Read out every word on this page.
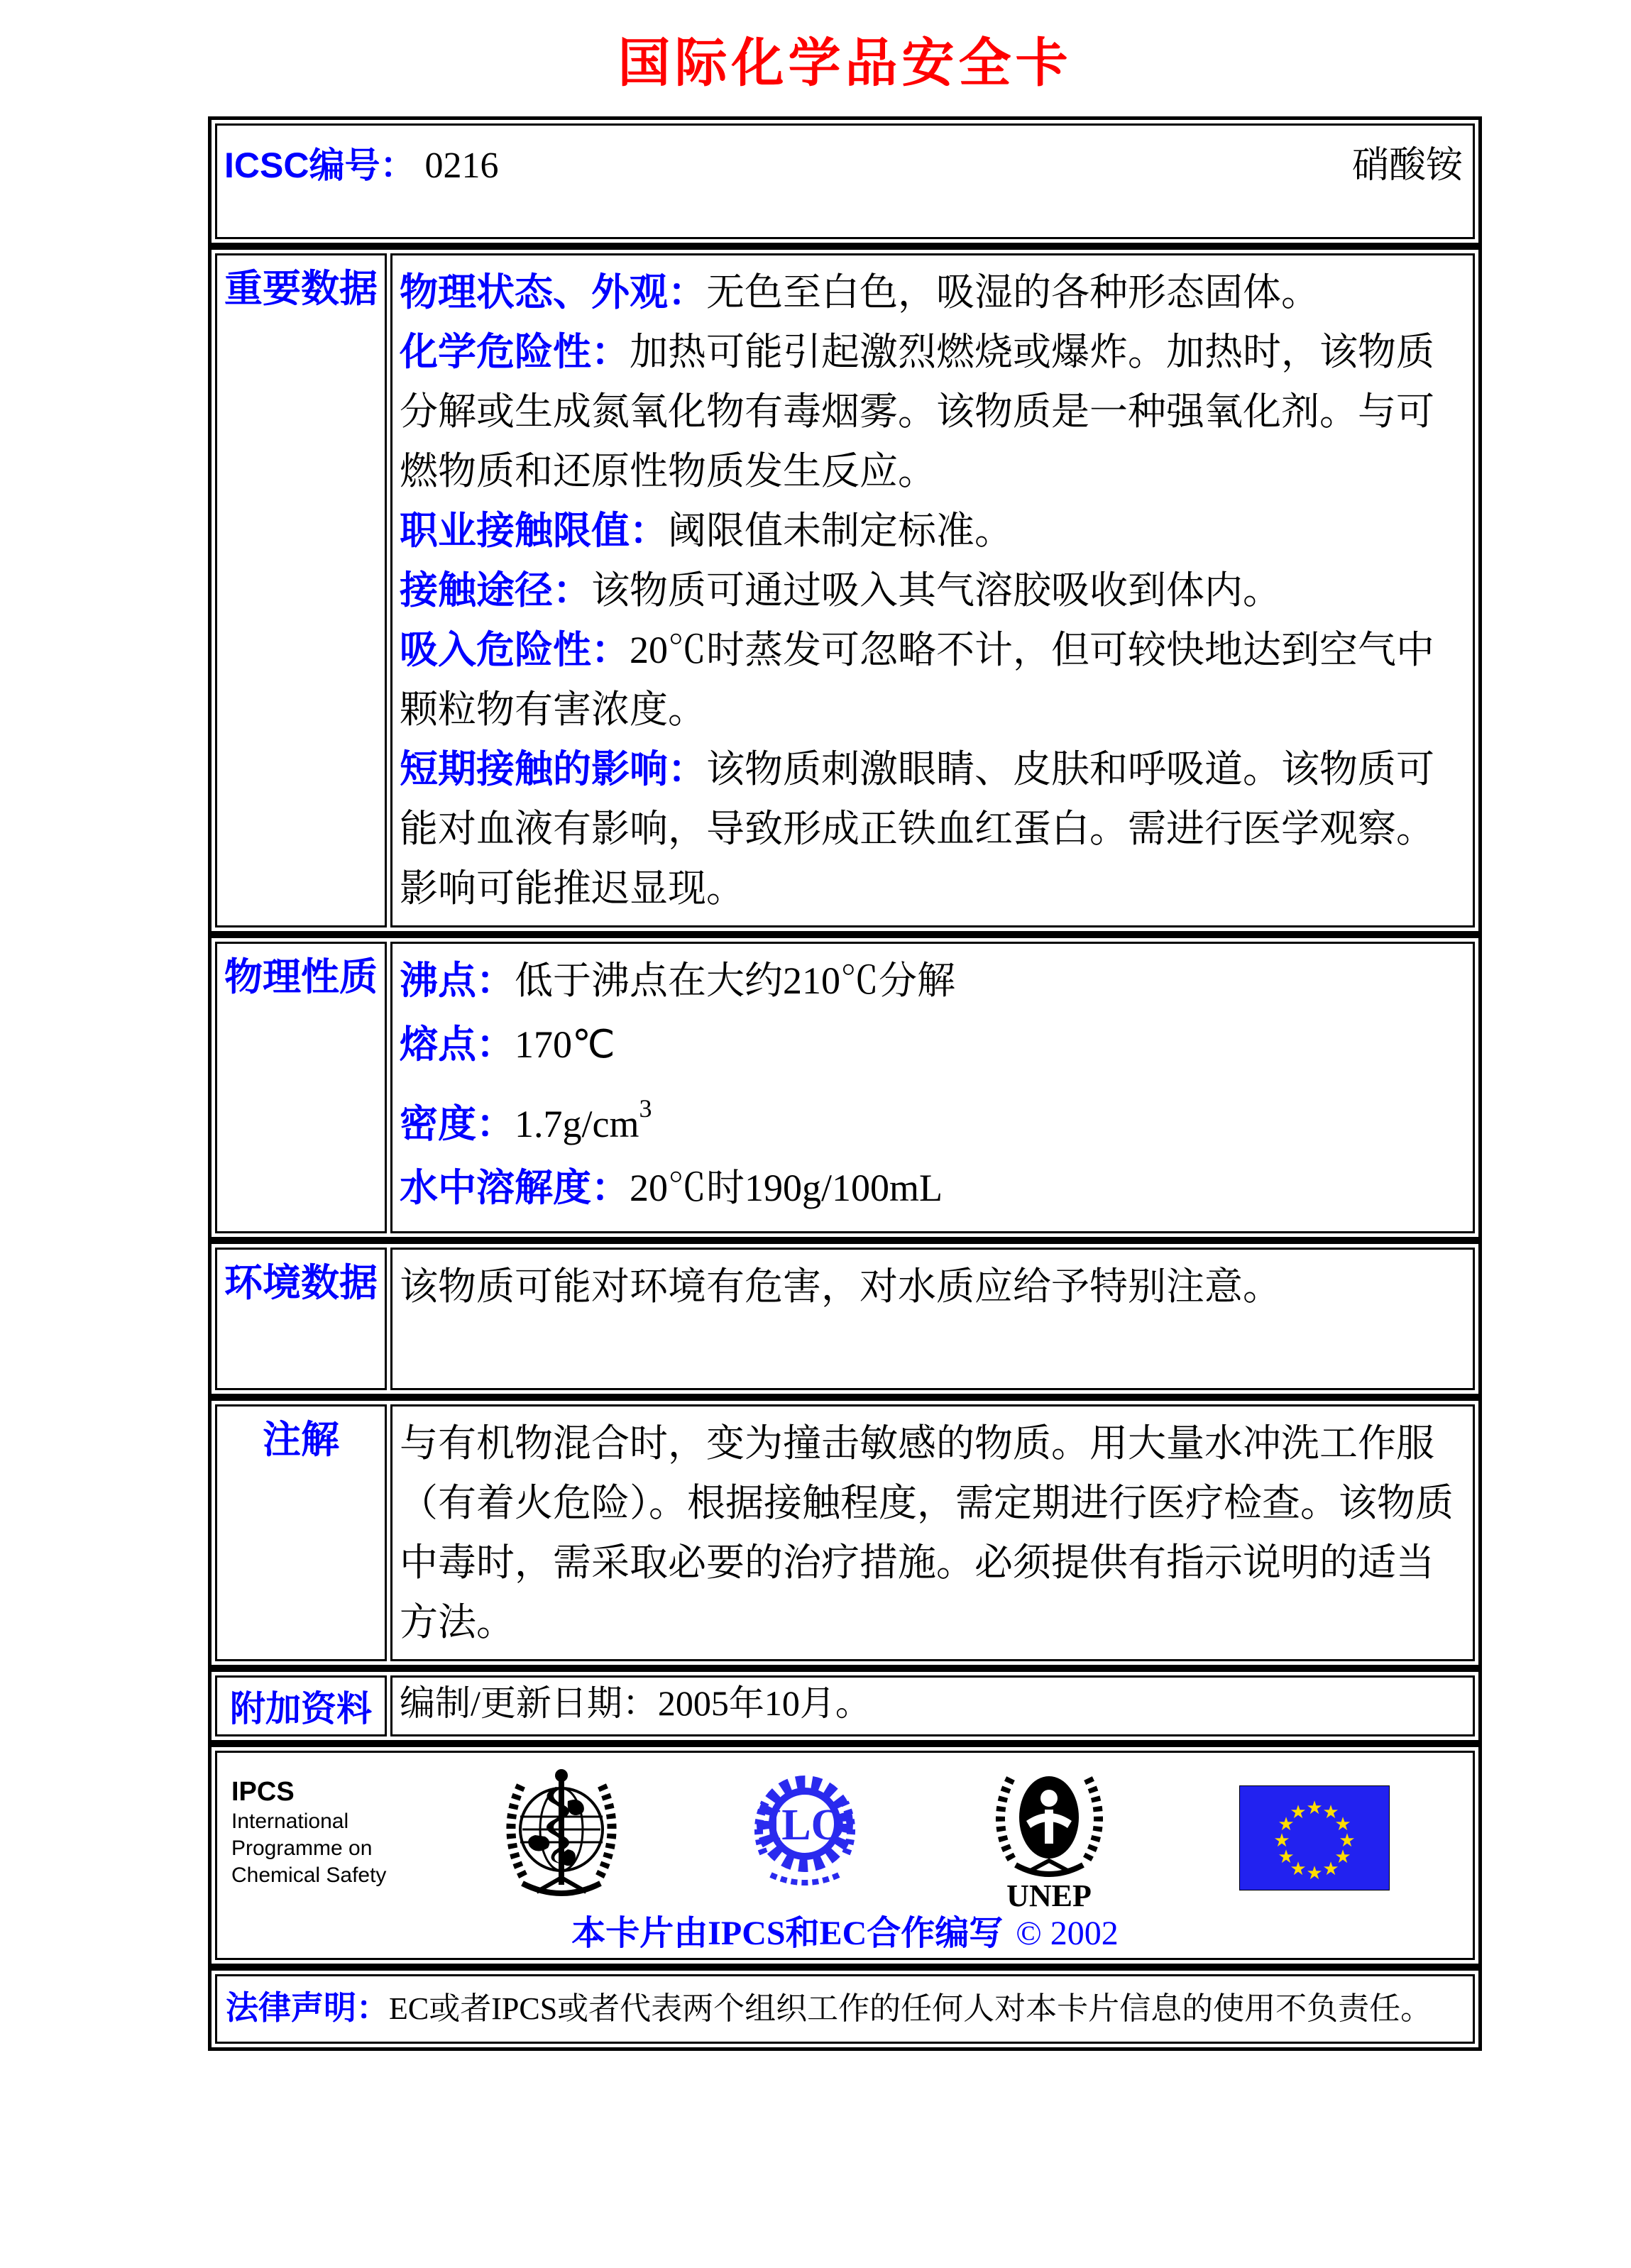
国际化学品安全卡
ICSC编号： 0216	硝酸铵
重要数据	物理状态、外观：无色至白色，吸湿的各种形态固体。
化学危险性：加热可能引起激烈燃烧或爆炸。加热时，该物质分解或生成氮氧化物有毒烟雾。该物质是一种强氧化剂。与可燃物质和还原性物质发生反应。
职业接触限值：阈限值未制定标准。
接触途径：该物质可通过吸入其气溶胶吸收到体内。
吸入危险性：20℃时蒸发可忽略不计，但可较快地达到空气中颗粒物有害浓度。
短期接触的影响：该物质刺激眼睛、皮肤和呼吸道。该物质可能对血液有影响，导致形成正铁血红蛋白。需进行医学观察。影响可能推迟显现。
物理性质	沸点：低于沸点在大约210℃分解
熔点：170℃
密度：$1.7g/cm^3$
水中溶解度：20℃时190g/100mL
环境数据	该物质可能对环境有危害，对水质应给予特别注意。
注解	与有机物混合时，变为撞击敏感的物质。用大量水冲洗工作服（有着火危险）。根据接触程度，需定期进行医疗检查。该物质中毒时，需采取必要的治疗措施。必须提供有指示说明的适当方法。
附加资料	编制/更新日期：2005年10月。
IPCS
International
Programme on
Chemical Safety
ILO
UNEP
★ ★
★
★
★
★
★
★
★
★
★
★
本卡片由IPCS和EC合作编写 © 2002
法律声明：EC或者IPCS或者代表两个组织工作的任何人对本卡片信息的使用不负责任。
